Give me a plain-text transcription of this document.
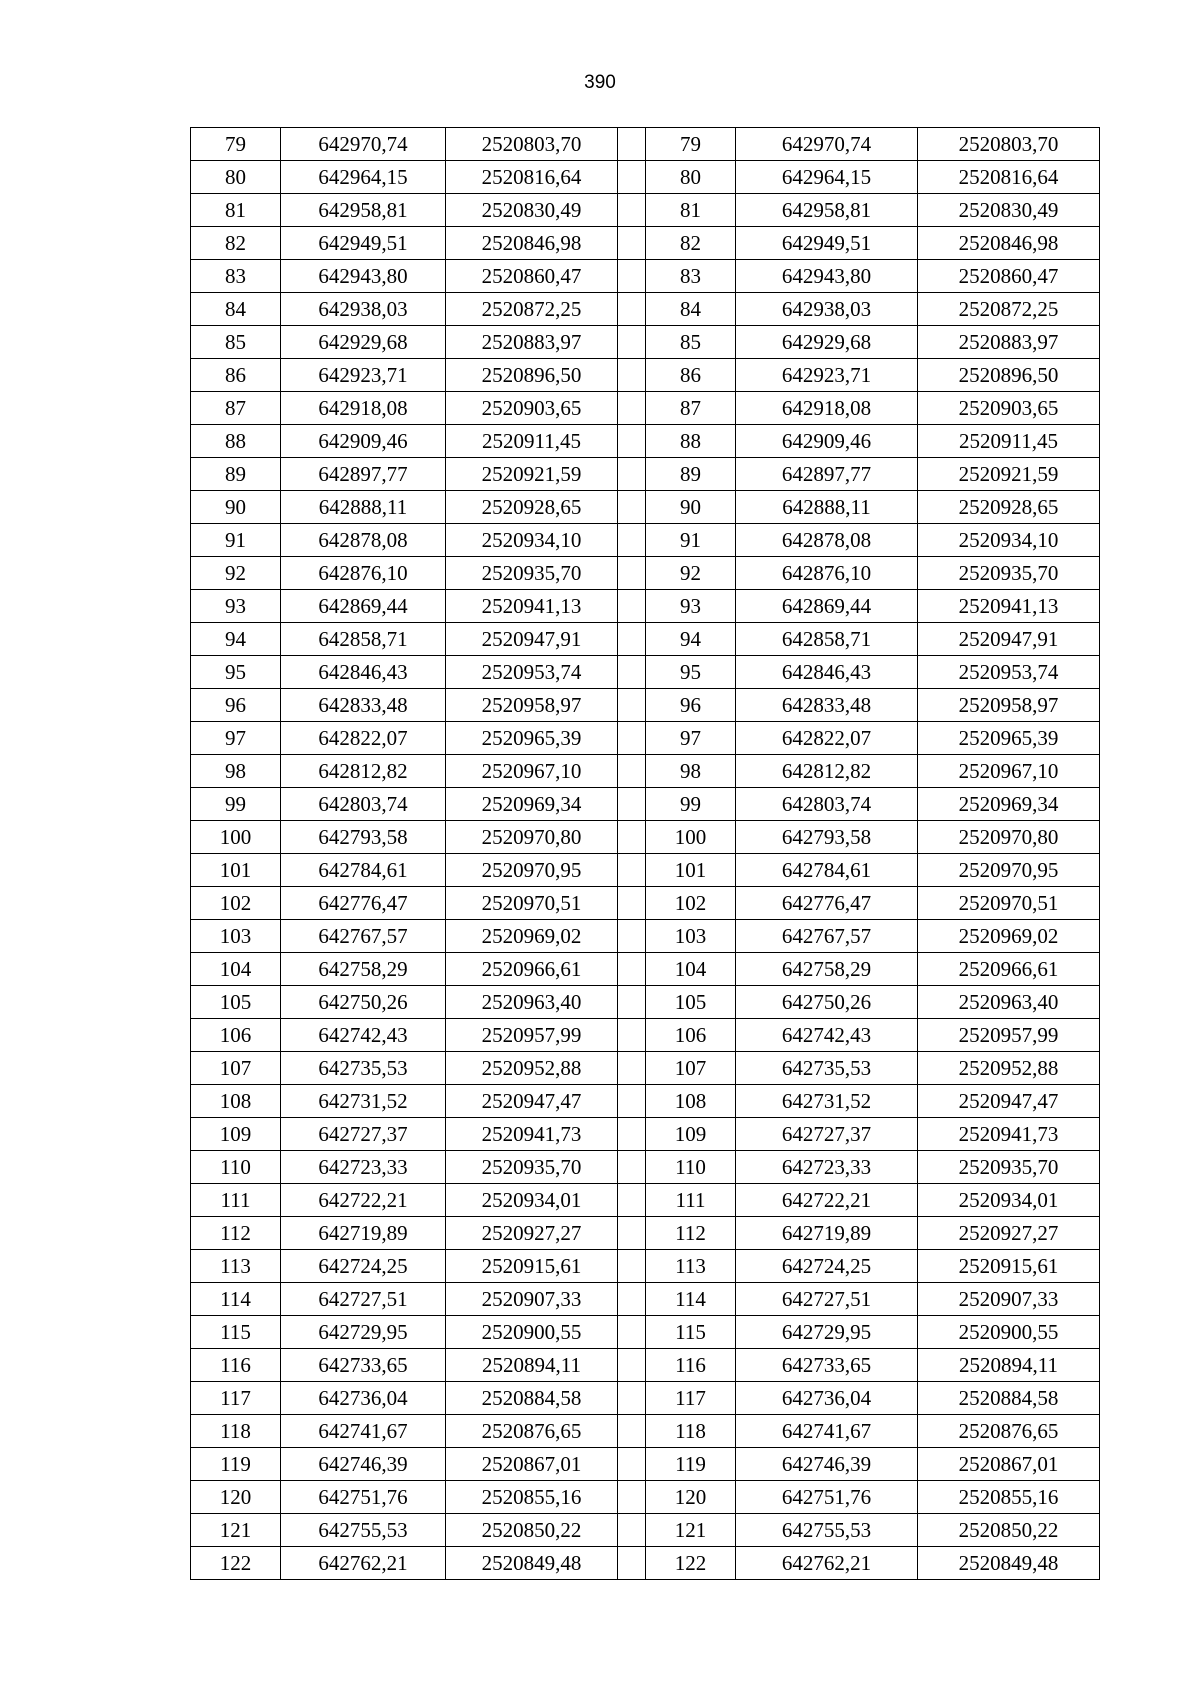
390
79	642970,74	2520803,70		79	642970,74	2520803,70
80	642964,15	2520816,64		80	642964,15	2520816,64
81	642958,81	2520830,49		81	642958,81	2520830,49
82	642949,51	2520846,98		82	642949,51	2520846,98
83	642943,80	2520860,47		83	642943,80	2520860,47
84	642938,03	2520872,25		84	642938,03	2520872,25
85	642929,68	2520883,97		85	642929,68	2520883,97
86	642923,71	2520896,50		86	642923,71	2520896,50
87	642918,08	2520903,65		87	642918,08	2520903,65
88	642909,46	2520911,45		88	642909,46	2520911,45
89	642897,77	2520921,59		89	642897,77	2520921,59
90	642888,11	2520928,65		90	642888,11	2520928,65
91	642878,08	2520934,10		91	642878,08	2520934,10
92	642876,10	2520935,70		92	642876,10	2520935,70
93	642869,44	2520941,13		93	642869,44	2520941,13
94	642858,71	2520947,91		94	642858,71	2520947,91
95	642846,43	2520953,74		95	642846,43	2520953,74
96	642833,48	2520958,97		96	642833,48	2520958,97
97	642822,07	2520965,39		97	642822,07	2520965,39
98	642812,82	2520967,10		98	642812,82	2520967,10
99	642803,74	2520969,34		99	642803,74	2520969,34
100	642793,58	2520970,80		100	642793,58	2520970,80
101	642784,61	2520970,95		101	642784,61	2520970,95
102	642776,47	2520970,51		102	642776,47	2520970,51
103	642767,57	2520969,02		103	642767,57	2520969,02
104	642758,29	2520966,61		104	642758,29	2520966,61
105	642750,26	2520963,40		105	642750,26	2520963,40
106	642742,43	2520957,99		106	642742,43	2520957,99
107	642735,53	2520952,88		107	642735,53	2520952,88
108	642731,52	2520947,47		108	642731,52	2520947,47
109	642727,37	2520941,73		109	642727,37	2520941,73
110	642723,33	2520935,70		110	642723,33	2520935,70
111	642722,21	2520934,01		111	642722,21	2520934,01
112	642719,89	2520927,27		112	642719,89	2520927,27
113	642724,25	2520915,61		113	642724,25	2520915,61
114	642727,51	2520907,33		114	642727,51	2520907,33
115	642729,95	2520900,55		115	642729,95	2520900,55
116	642733,65	2520894,11		116	642733,65	2520894,11
117	642736,04	2520884,58		117	642736,04	2520884,58
118	642741,67	2520876,65		118	642741,67	2520876,65
119	642746,39	2520867,01		119	642746,39	2520867,01
120	642751,76	2520855,16		120	642751,76	2520855,16
121	642755,53	2520850,22		121	642755,53	2520850,22
122	642762,21	2520849,48		122	642762,21	2520849,48
